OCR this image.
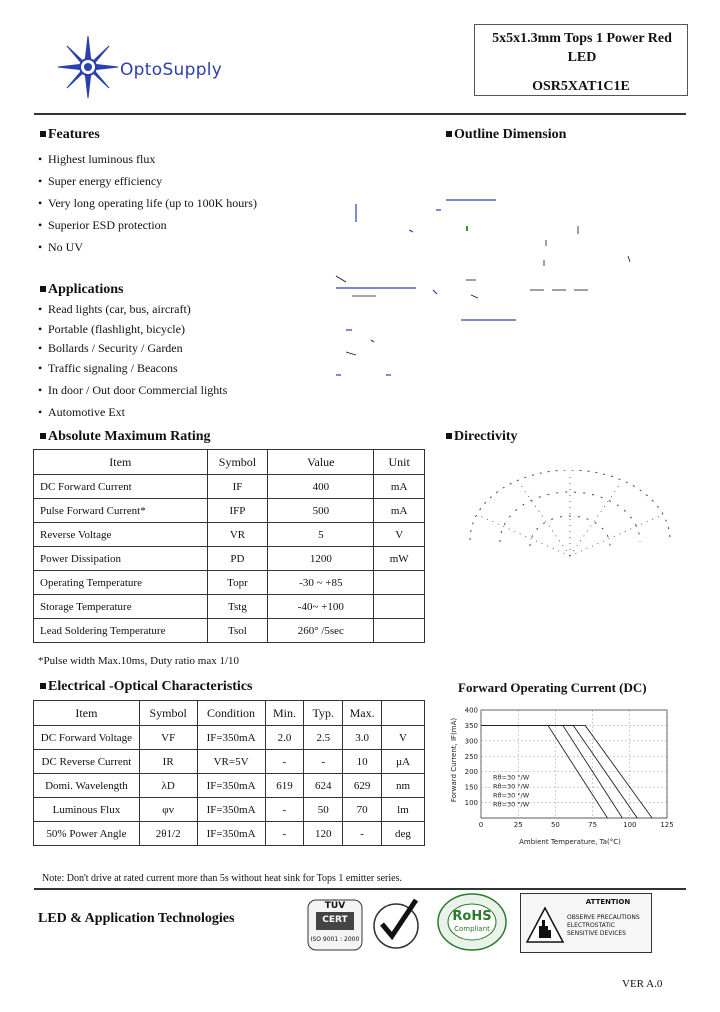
OptoSupply
5x5x1.3mm Tops 1 Power Red LED
OSR5XAT1C1E
Features
• Highest luminous flux
• Super energy efficiency
• Very long operating life (up to 100K hours)
• Superior ESD protection
• No UV
Applications
• Read lights (car, bus, aircraft)
• Portable (flashlight, bicycle)
• Bollards / Security / Garden
• Traffic signaling / Beacons
• In door / Out door Commercial lights
• Automotive Ext
Outline Dimension
Absolute Maximum Rating
Item	Symbol	Value	Unit
DC Forward Current	IF	400	mA
Pulse Forward Current*	IFP	500	mA
Reverse Voltage	VR	5	V
Power Dissipation	PD	1200	mW
Operating Temperature	Topr	-30 ~ +85	
Storage Temperature	Tstg	-40~ +100	
Lead Soldering Temperature	Tsol	260° /5sec	
*Pulse width Max.10ms, Duty ratio max 1/10
Directivity
Electrical -Optical Characteristics
Item	Symbol	Condition	Min.	Typ.	Max.	
DC Forward Voltage	VF	IF=350mA	2.0	2.5	3.0	V
DC Reverse Current	IR	VR=5V	-	-	10	µA
Domi. Wavelength	λD	IF=350mA	619	624	629	nm
Luminous Flux	φv	IF=350mA	-	50	70	lm
50% Power Angle	2θ1/2	IF=350mA	-	120	-	deg
Note: Don't drive at rated current more than 5s without heat sink for Tops 1 emitter series.
Forward Operating Current (DC)
0	25	50	75	100	125
100
150
200
250
300
350
400
Rθ=30 °/W
Rθ=30 °/W
Rθ=30 °/W
Rθ=30 °/W
Ambient Temperature, Ta(°C)
Forward Current, IF(mA)
LED & Application Technologies
TÜV
CERT
ISO 9001 : 2000
RoHS
Compliant
ATTENTION
OBSERVE PRECAUTIONS ELECTROSTATIC SENSITIVE DEVICES
VER A.0
